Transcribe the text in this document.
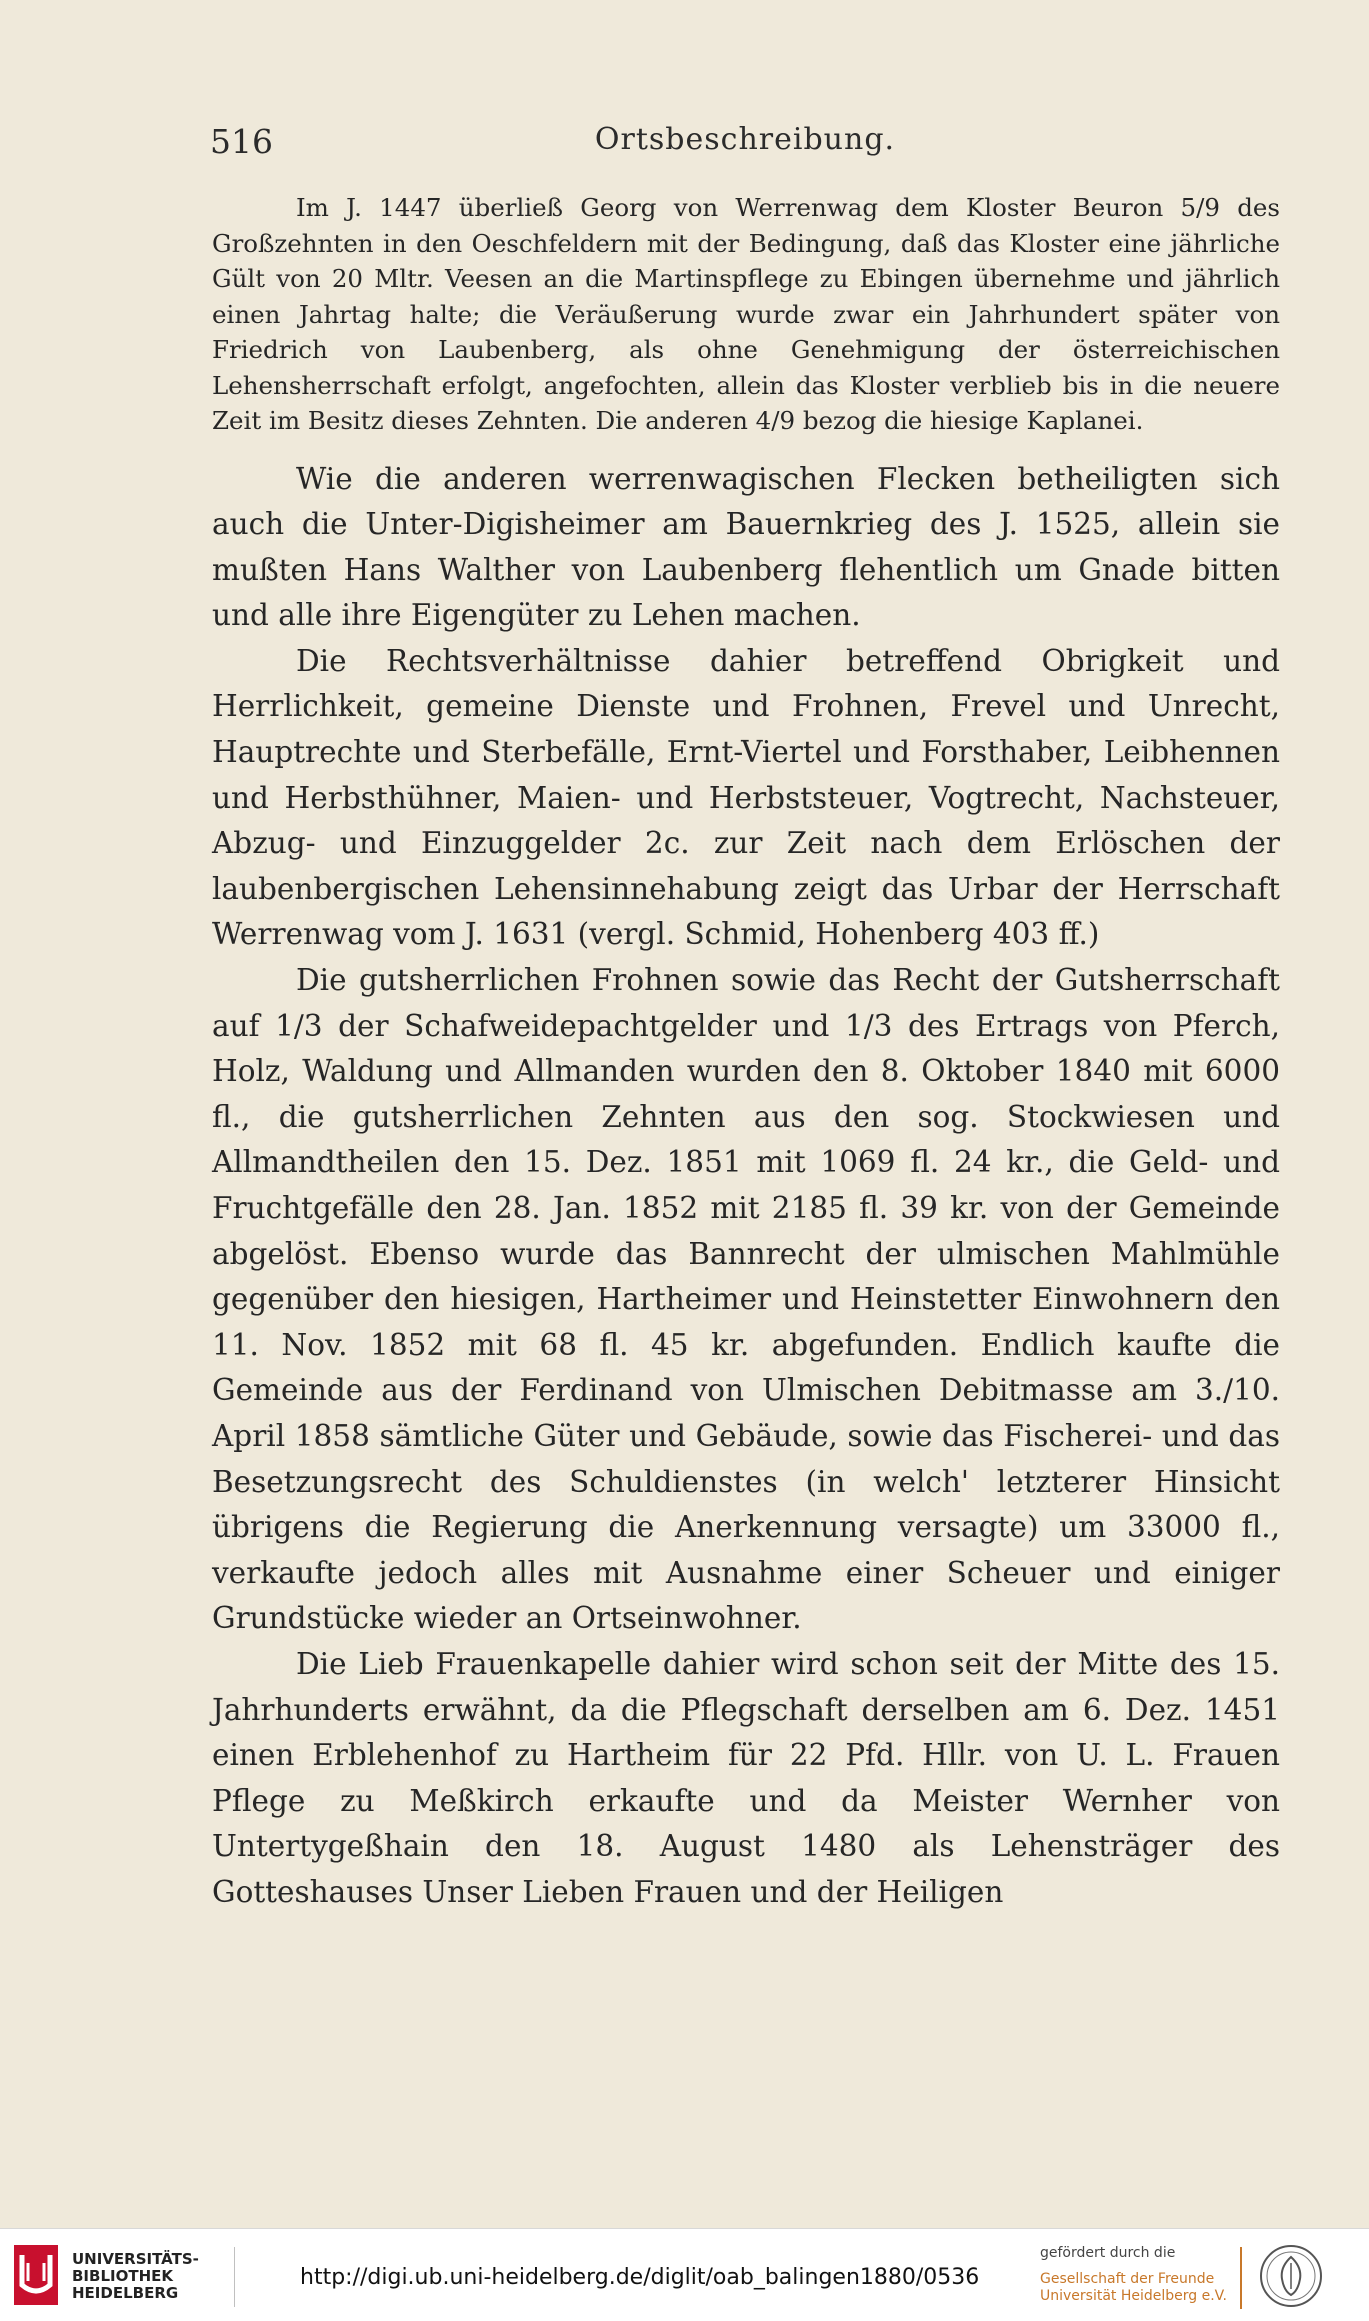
516	Ortsbeschreibung.

Im J. 1447 überließ Georg von Werrenwag dem Kloster Beuron 5/9 des Großzehnten in den Oeschfeldern mit der Bedingung, daß das Kloster eine jährliche Gült von 20 Mltr. Veesen an die Martinspflege zu Ebingen übernehme und jährlich einen Jahrtag halte; die Veräußerung wurde zwar ein Jahrhundert später von Friedrich von Laubenberg, als ohne Genehmigung der österreichischen Lehensherrschaft erfolgt, angefochten, allein das Kloster verblieb bis in die neuere Zeit im Besitz dieses Zehnten. Die anderen 4/9 bezog die hiesige Kaplanei.

Wie die anderen werrenwagischen Flecken betheiligten sich auch die Unter-Digisheimer am Bauernkrieg des J. 1525, allein sie mußten Hans Walther von Laubenberg flehentlich um Gnade bitten und alle ihre Eigengüter zu Lehen machen.

Die Rechtsverhältnisse dahier betreffend Obrigkeit und Herrlichkeit, gemeine Dienste und Frohnen, Frevel und Unrecht, Hauptrechte und Sterbefälle, Ernt-Viertel und Forsthaber, Leibhennen und Herbsthühner, Maien- und Herbststeuer, Vogtrecht, Nachsteuer, Abzug- und Einzuggelder 2c. zur Zeit nach dem Erlöschen der laubenbergischen Lehensinnehabung zeigt das Urbar der Herrschaft Werrenwag vom J. 1631 (vergl. Schmid, Hohenberg 403 ff.)

Die gutsherrlichen Frohnen sowie das Recht der Gutsherrschaft auf 1/3 der Schafweidepachtgelder und 1/3 des Ertrags von Pferch, Holz, Waldung und Allmanden wurden den 8. Oktober 1840 mit 6000 fl., die gutsherrlichen Zehnten aus den sog. Stockwiesen und Allmandtheilen den 15. Dez. 1851 mit 1069 fl. 24 kr., die Geld- und Fruchtgefälle den 28. Jan. 1852 mit 2185 fl. 39 kr. von der Gemeinde abgelöst. Ebenso wurde das Bannrecht der ulmischen Mahlmühle gegenüber den hiesigen, Hartheimer und Heinstetter Einwohnern den 11. Nov. 1852 mit 68 fl. 45 kr. abgefunden. Endlich kaufte die Gemeinde aus der Ferdinand von Ulmischen Debitmasse am 3./10. April 1858 sämtliche Güter und Gebäude, sowie das Fischerei- und das Besetzungsrecht des Schuldienstes (in welch' letzterer Hinsicht übrigens die Regierung die Anerkennung versagte) um 33000 fl., verkaufte jedoch alles mit Ausnahme einer Scheuer und einiger Grundstücke wieder an Ortseinwohner.

Die Lieb Frauenkapelle dahier wird schon seit der Mitte des 15. Jahrhunderts erwähnt, da die Pflegschaft derselben am 6. Dez. 1451 einen Erblehenhof zu Hartheim für 22 Pfd. Hllr. von U. L. Frauen Pflege zu Meßkirch erkaufte und da Meister Wernher von Untertygeßhain den 18. August 1480 als Lehensträger des Gotteshauses Unser Lieben Frauen und der Heiligen

UNIVERSITÄTS-
BIBLIOTHEK
HEIDELBERG
http://digi.ub.uni-heidelberg.de/diglit/oab_balingen1880/0536
gefördert durch die
Gesellschaft der Freunde
Universität Heidelberg e.V.
